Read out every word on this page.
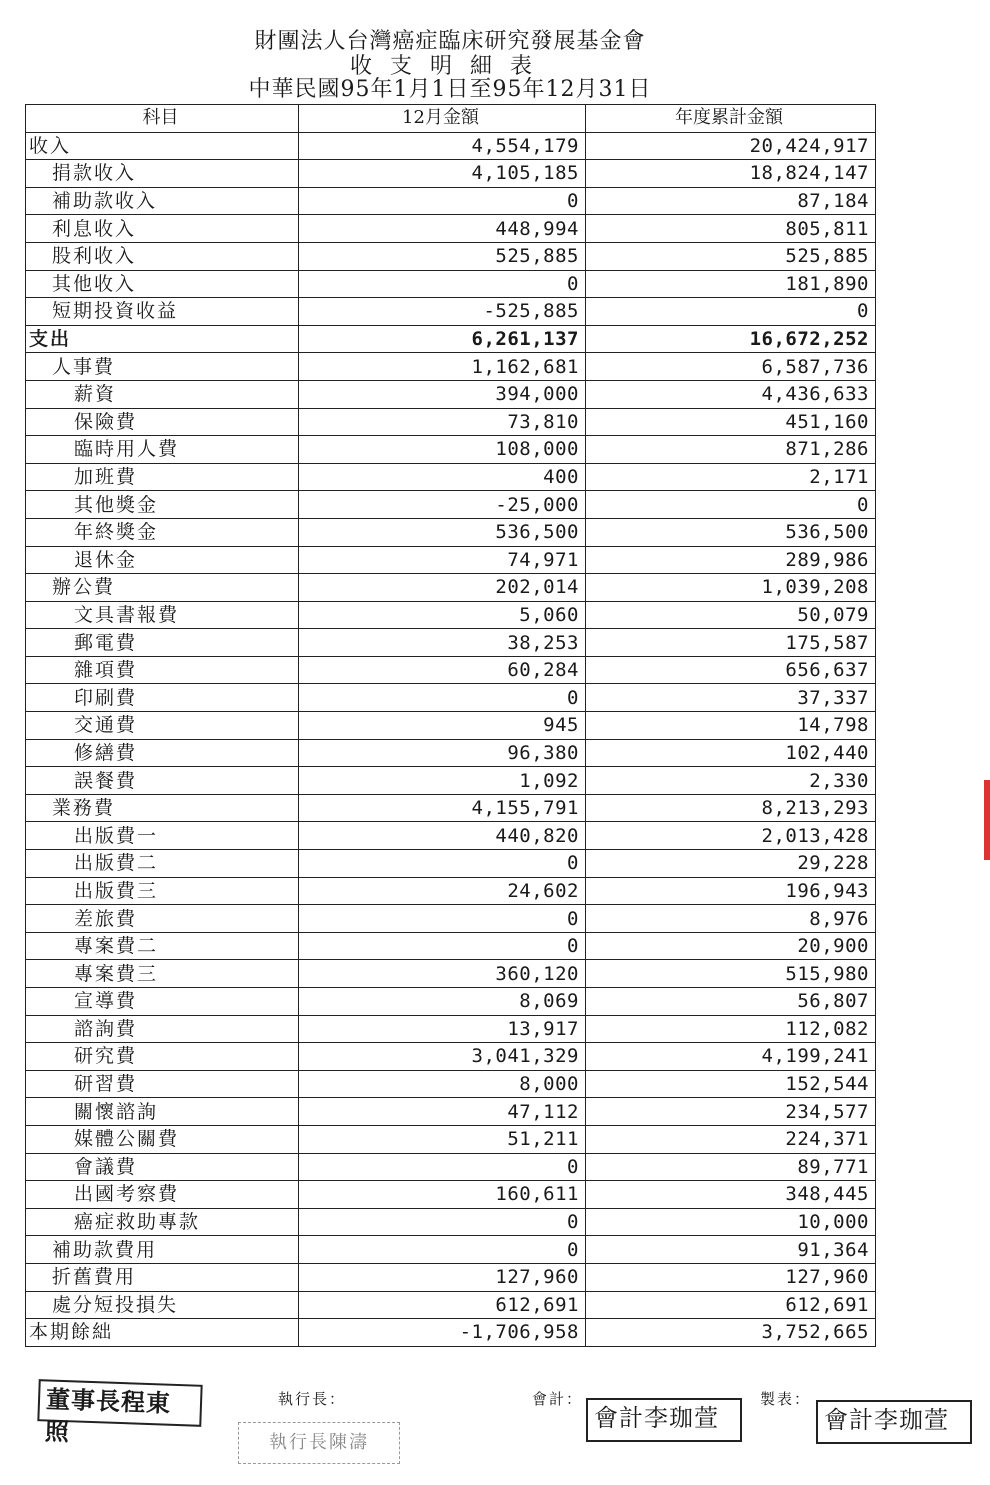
財團法人台灣癌症臨床研究發展基金會
收支明細表
中華民國95年1月1日至95年12月31日
科目	12月金額	年度累計金額
收入	4,554,179	20,424,917
捐款收入	4,105,185	18,824,147
補助款收入	0	87,184
利息收入	448,994	805,811
股利收入	525,885	525,885
其他收入	0	181,890
短期投資收益	-525,885	0
支出	6,261,137	16,672,252
人事費	1,162,681	6,587,736
薪資	394,000	4,436,633
保險費	73,810	451,160
臨時用人費	108,000	871,286
加班費	400	2,171
其他獎金	-25,000	0
年終獎金	536,500	536,500
退休金	74,971	289,986
辦公費	202,014	1,039,208
文具書報費	5,060	50,079
郵電費	38,253	175,587
雜項費	60,284	656,637
印刷費	0	37,337
交通費	945	14,798
修繕費	96,380	102,440
誤餐費	1,092	2,330
業務費	4,155,791	8,213,293
出版費一	440,820	2,013,428
出版費二	0	29,228
出版費三	24,602	196,943
差旅費	0	8,976
專案費二	0	20,900
專案費三	360,120	515,980
宣導費	8,069	56,807
諮詢費	13,917	112,082
研究費	3,041,329	4,199,241
研習費	8,000	152,544
關懷諮詢	47,112	234,577
媒體公關費	51,211	224,371
會議費	0	89,771
出國考察費	160,611	348,445
癌症救助專款	0	10,000
補助款費用	0	91,364
折舊費用	127,960	127,960
處分短投損失	612,691	612,691
本期餘絀	-1,706,958	3,752,665
董事長程東照
執行長：
執行長陳濤
會計：
會計李珈萱
製表：
會計李珈萱
